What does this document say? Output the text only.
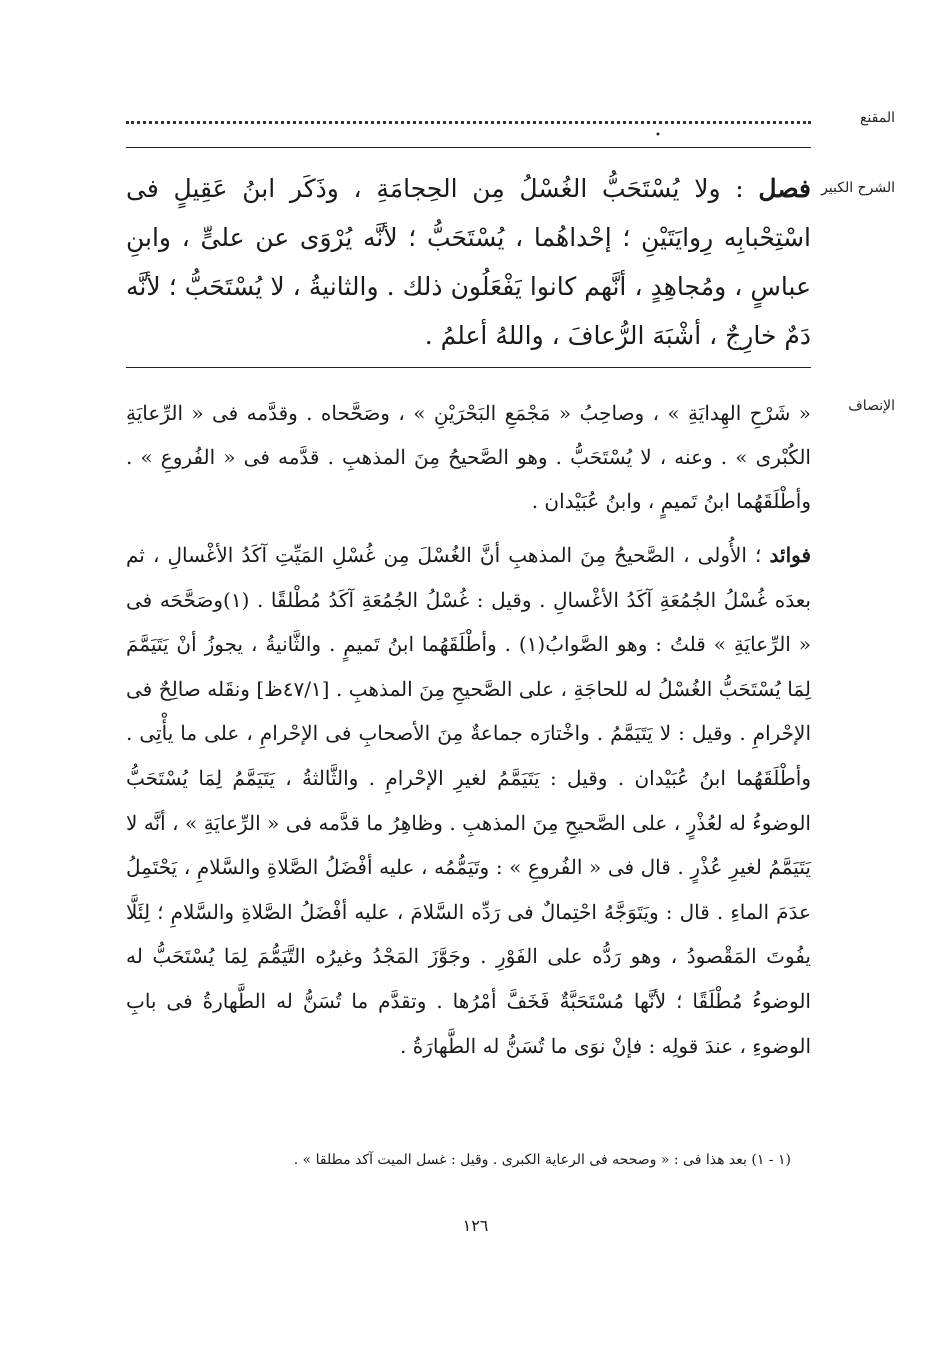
المقنع
•
الشرح الكبير
فصل : ولا يُسْتَحَبُّ الغُسْلُ مِن الحِجامَةِ ، وذَكَر ابنُ عَقِيلٍ فى اسْتِحْبابِه رِوايَتَيْنِ ؛ إحْداهُما ، يُسْتَحَبُّ ؛ لأنَّه يُرْوَى عن علىٍّ ، وابنِ عباسٍ ، ومُجاهِدٍ ، أنَّهم كانوا يَفْعَلُون ذلك . والثانيةُ ، لا يُسْتَحَبُّ ؛ لأنَّه دَمٌ خارِجٌ ، أشْبَهَ الرُّعافَ ، واللهُ أعلمُ .
الإنصاف
« شَرْحِ الهِدايَةِ » ، وصاحِبُ « مَجْمَعِ البَحْرَيْنِ » ، وصَحَّحاه . وقدَّمه فى « الرِّعايَةِ الكُبْرى » . وعنه ، لا يُسْتَحَبُّ . وهو الصَّحيحُ مِنَ المذهبِ . قدَّمه فى « الفُروعِ » . وأطْلَقَهُما ابنُ تَميمٍ ، وابنُ عُبَيْدان .
فوائد ؛ الأُولى ، الصَّحيحُ مِنَ المذهبِ أنَّ الغُسْلَ مِن غُسْلِ المَيِّتِ آكَدُ الأغْسالِ ، ثم بعدَه غُسْلُ الجُمُعَةِ آكَدُ الأغْسالِ . وقيل : غُسْلُ الجُمُعَةِ آكَدُ مُطْلقًا . (١)وصَحَّحَه فى « الرِّعايَةِ » قلتُ : وهو الصَّوابُ(١) . وأطْلَقَهُما ابنُ تَميمٍ . والثَّانيةُ ، يجوزُ أنْ يَتَيَمَّمَ لِمَا يُسْتَحَبُّ الغُسْلُ له للحاجَةِ ، على الصَّحيحِ مِنَ المذهبِ . [٤٧/١ظ] ونقَله صالِحٌ فى الإحْرامِ . وقيل : لا يَتَيَمَّمُ . واخْتارَه جماعةٌ مِنَ الأصحابِ فى الإحْرامِ ، على ما يأْتِى . وأطْلَقَهُما ابنُ عُبَيْدان . وقيل : يَتَيَمَّمُ لغيرِ الإحْرامِ . والثَّالثةُ ، يَتَيَمَّمُ لِمَا يُسْتَحَبُّ الوضوءُ له لعُذْرٍ ، على الصَّحيحِ مِنَ المذهبِ . وظاهِرُ ما قدَّمه فى « الرِّعايَةِ » ، أنَّه لا يَتَيَمَّمُ لغيرِ عُذْرٍ . قال فى « الفُروعِ » : وتَيَمُّمُه ، عليه أفْضَلُ الصَّلاةِ والسَّلامِ ، يَحْتَمِلُ عدَمَ الماءِ . قال : ويَتَوَجَّهُ احْتِمالٌ فى رَدِّه السَّلامَ ، عليه أفْضَلُ الصَّلاةِ والسَّلامِ ؛ لِئَلَّا يفُوتَ المَقْصودُ ، وهو رَدُّه على الفَوْرِ . وجَوَّزَ المَجْدُ وغيرُه التَّيَمُّمَ لِمَا يُسْتَحَبُّ له الوضوءُ مُطْلَقًا ؛ لأنَّها مُسْتَحَبَّةٌ فَخَفَّ أمْرُها . وتقدَّم ما تُسَنُّ له الطَّهارةُ فى بابِ الوضوءِ ، عندَ قولِه : فإنْ نوَى ما تُسَنُّ له الطَّهارَةُ .
(١ - ١) بعد هذا فى : « وصححه فى الرعاية الكبرى . وقيل : غسل الميت آكد مطلقا » .
١٢٦
